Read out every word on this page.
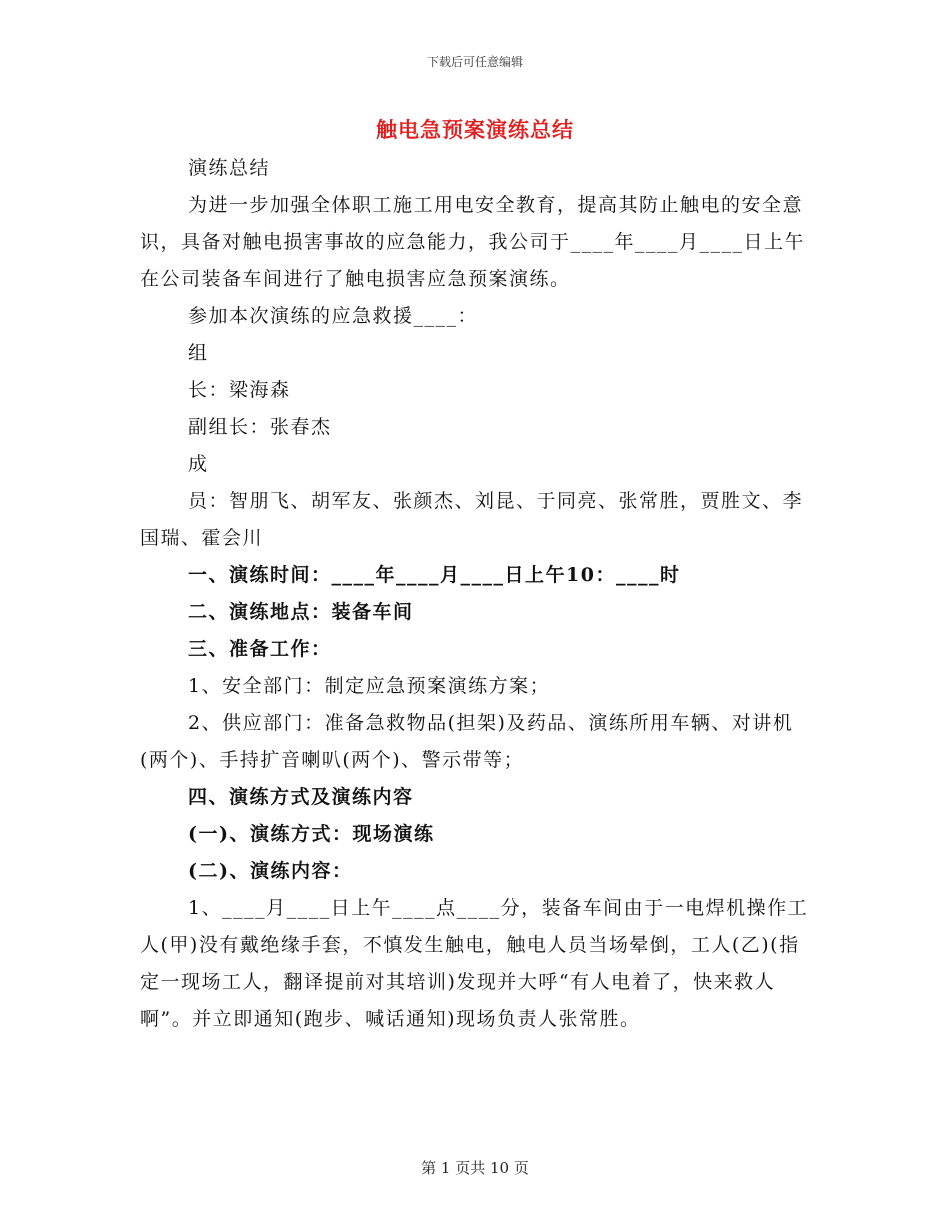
下载后可任意编辑
触电急预案演练总结

演练总结

为进一步加强全体职工施工用电安全教育，提高其防止触电的安全意识，具备对触电损害事故的应急能力，我公司于____年____月____日上午在公司装备车间进行了触电损害应急预案演练。

参加本次演练的应急救援____：

组

长：梁海森

副组长：张春杰

成

员：智朋飞、胡军友、张颜杰、刘昆、于同亮、张常胜，贾胜文、李国瑞、霍会川

一、演练时间：____年____月____日上午10：____时

二、演练地点：装备车间

三、准备工作：

1、安全部门：制定应急预案演练方案；

2、供应部门：准备急救物品(担架)及药品、演练所用车辆、对讲机(两个)、手持扩音喇叭(两个)、警示带等；

四、演练方式及演练内容

(一)、演练方式：现场演练

(二)、演练内容：

1、____月____日上午____点____分，装备车间由于一电焊机操作工人(甲)没有戴绝缘手套，不慎发生触电，触电人员当场晕倒，工人(乙)(指定一现场工人，翻译提前对其培训)发现并大呼“有人电着了，快来救人啊”。并立即通知(跑步、喊话通知)现场负责人张常胜。

第 1 页共 10 页
